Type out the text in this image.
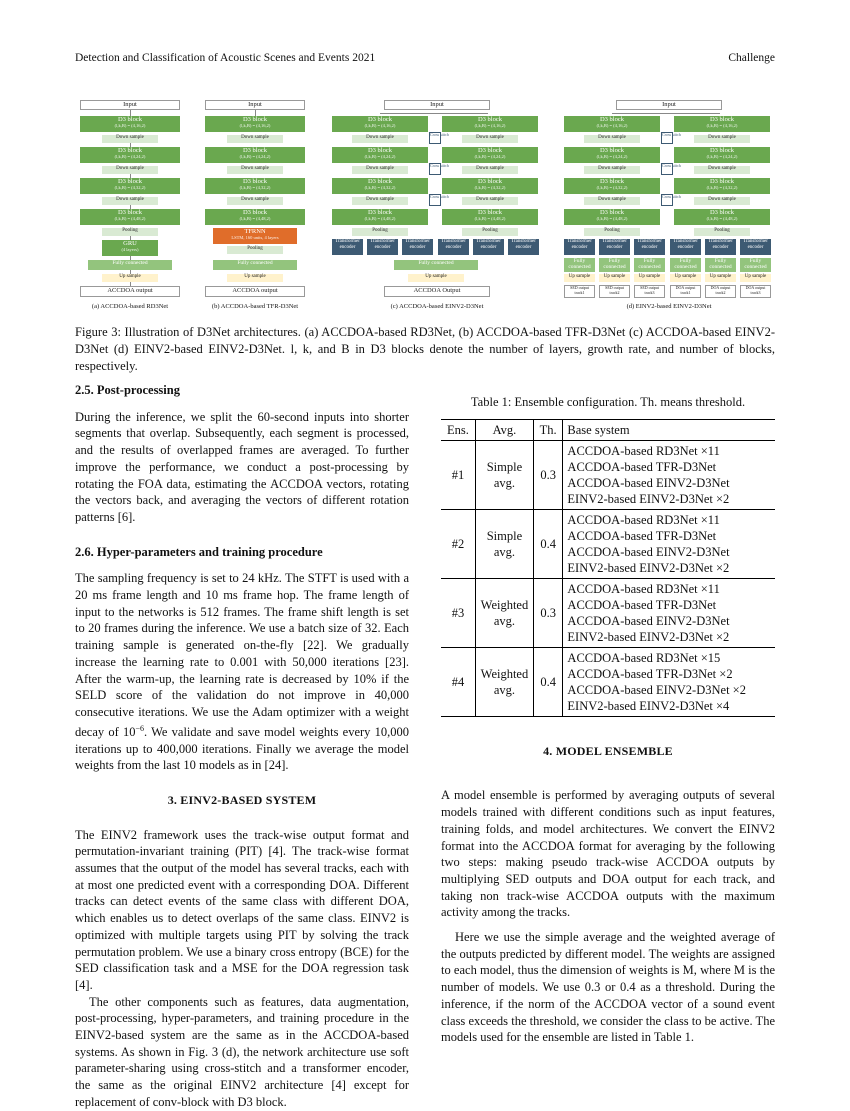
Detection and Classification of Acoustic Scenes and Events 2021	Challenge
Input
D3 block
(l,k,B) = (4,16,2)
Down sample
D3 block
(l,k,B) = (4,24,2)
Down sample
D3 block
(l,k,B) = (4,32,2)
Down sample
D3 block
(l,k,B) = (4,48,2)
Pooling
GRU
(4 layers)
Fully connected
Up sample
ACCDOA output
(a) ACCDOA-based RD3Net
Input
D3 block
(l,k,B) = (4,16,2)
Down sample
D3 block
(l,k,B) = (4,24,2)
Down sample
D3 block
(l,k,B) = (4,32,2)
Down sample
D3 block
(l,k,B) = (4,48,2)
TFRNN
LSTM, 160 units, 4 layers
Pooling
Fully connected
Up sample
ACCDOA output
(b) ACCDOA-based TFR-D3Net
Input
D3 block
(l,k,B) = (4,16,2)
D3 block
(l,k,B) = (4,16,2)
Cross stitch
Down sample	Down sample
D3 block
(l,k,B) = (4,24,2)
D3 block
(l,k,B) = (4,24,2)
Cross stitch
Down sample	Down sample
D3 block
(l,k,B) = (4,32,2)
D3 block
(l,k,B) = (4,32,2)
Cross stitch
Down sample	Down sample
D3 block
(l,k,B) = (4,48,2)
D3 block
(l,k,B) = (4,48,2)
Pooling	Pooling
Transformer encoder
Transformer encoder
Transformer encoder
Transformer encoder
Transformer encoder
Transformer encoder
Fully connected
Up sample
ACCDOA Output
(c) ACCDOA-based EINV2-D3Net
Input
D3 block
(l,k,B) = (4,16,2)
D3 block
(l,k,B) = (4,16,2)
Cross stitch
Down sample	Down sample
D3 block
(l,k,B) = (4,24,2)
D3 block
(l,k,B) = (4,24,2)
Cross stitch
Down sample	Down sample
D3 block
(l,k,B) = (4,32,2)
D3 block
(l,k,B) = (4,32,2)
Cross stitch
Down sample	Down sample
D3 block
(l,k,B) = (4,48,2)
D3 block
(l,k,B) = (4,48,2)
Pooling	Pooling
Transformer encoder
Transformer encoder
Transformer encoder
Transformer encoder
Transformer encoder
Transformer encoder
Fully connected
Fully connected
Fully connected
Fully connected
Fully connected
Fully connected
Up sample	Up sample	Up sample	Up sample	Up sample	Up sample
SED output
track1
SED output
track2
SED output
track3
DOA output
track1
DOA output
track2
DOA output
track3
(d) EINV2-based EINV2-D3Net
Figure 3: Illustration of D3Net architectures. (a) ACCDOA-based RD3Net, (b) ACCDOA-based TFR-D3Net (c) ACCDOA-based EINV2-D3Net (d) EINV2-based EINV2-D3Net. l, k, and B in D3 blocks denote the number of layers, growth rate, and number of blocks, respectively.
2.5. Post-processing

During the inference, we split the 60-second inputs into shorter segments that overlap. Subsequently, each segment is processed, and the results of overlapped frames are averaged. To further improve the performance, we conduct a post-processing by rotating the FOA data, estimating the ACCDOA vectors, rotating the vectors back, and averaging the vectors of different rotation patterns [6].

2.6. Hyper-parameters and training procedure

The sampling frequency is set to 24 kHz. The STFT is used with a 20 ms frame length and 10 ms frame hop. The frame length of input to the networks is 512 frames. The frame shift length is set to 20 frames during the inference. We use a batch size of 32. Each training sample is generated on-the-fly [22]. We gradually increase the learning rate to 0.001 with 50,000 iterations [23]. After the warm-up, the learning rate is decreased by 10% if the SELD score of the validation do not improve in 40,000 consecutive iterations. We use the Adam optimizer with a weight decay of $10^{-6}$. We validate and save model weights every 10,000 iterations up to 400,000 iterations. Finally we average the model weights from the last 10 models as in [24].

3. EINV2-BASED SYSTEM

The EINV2 framework uses the track-wise output format and permutation-invariant training (PIT) [4]. The track-wise format assumes that the output of the model has several tracks, each with at most one predicted event with a corresponding DOA. Different tracks can detect events of the same class with different DOA, which enables us to detect overlaps of the same class. EINV2 is optimized with multiple targets using PIT by solving the track permutation problem. We use a binary cross entropy (BCE) for the SED classification task and a MSE for the DOA regression task [4].

The other components such as features, data augmentation, post-processing, hyper-parameters, and training procedure in the EINV2-based system are the same as in the ACCDOA-based systems. As shown in Fig. 3 (d), the network architecture use soft parameter-sharing using cross-stitch and a transformer encoder, the same as the original EINV2 architecture [4] except for replacement of conv-block with D3 block.

Table 1: Ensemble configuration. Th. means threshold.
Ens.	Avg.	Th.	Base system
#1	Simple avg.	0.3	ACCDOA-based RD3Net ×11
ACCDOA-based TFR-D3Net
ACCDOA-based EINV2-D3Net
EINV2-based EINV2-D3Net ×2

#2	Simple avg.	0.4	ACCDOA-based RD3Net ×11
ACCDOA-based TFR-D3Net
ACCDOA-based EINV2-D3Net
EINV2-based EINV2-D3Net ×2

#3	Weighted avg.	0.3	ACCDOA-based RD3Net ×11
ACCDOA-based TFR-D3Net
ACCDOA-based EINV2-D3Net
EINV2-based EINV2-D3Net ×2

#4	Weighted avg.	0.4	ACCDOA-based RD3Net ×15
ACCDOA-based TFR-D3Net ×2
ACCDOA-based EINV2-D3Net ×2
EINV2-based EINV2-D3Net ×4
4. MODEL ENSEMBLE

A model ensemble is performed by averaging outputs of several models trained with different conditions such as input features, training folds, and model architectures. We convert the EINV2 format into the ACCDOA format for averaging by the following two steps: making pseudo track-wise ACCDOA outputs by multiplying SED outputs and DOA output for each track, and taking non track-wise ACCDOA outputs with the maximum activity among the tracks.

Here we use the simple average and the weighted average of the outputs predicted by different model. The weights are assigned to each model, thus the dimension of weights is M, where M is the number of models. We use 0.3 or 0.4 as a threshold. During the inference, if the norm of the ACCDOA vector of a sound event class exceeds the threshold, we consider the class to be active. The models used for the ensemble are listed in Table 1.
